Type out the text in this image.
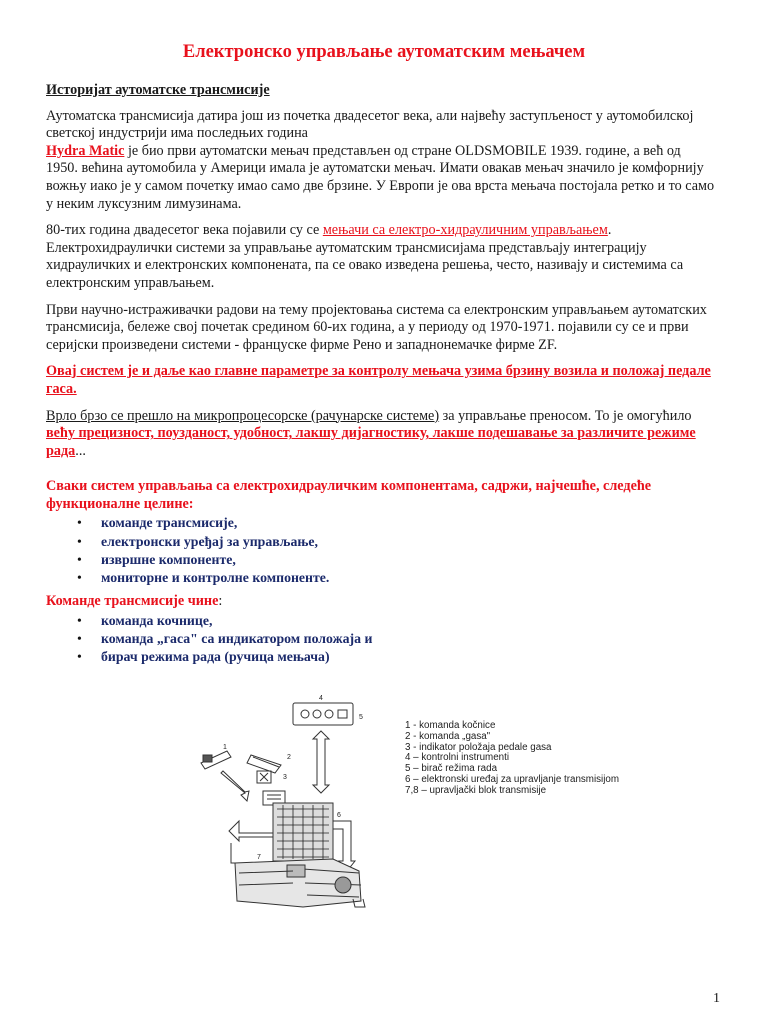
Електронско управљање аутоматским мењачем

Историјат аутоматске трансмисије

Аутоматска трансмисија датира још из почетка двадесетог века, али највећу заступљеност у аутомобилској светској индустрији има последњих година
Hydra Matic је био први аутоматски мењач представљен од стране OLDSMOBILE 1939. године, а већ од 1950. већина аутомобила у Америци имала је аутоматски мењач. Имати овакав мењач значило је комфорнију вожњу иако је у самом почетку имао само две брзине. У Европи је ова врста мењача постојала ретко и то само у неким луксузним лимузинама.

80-тих година двадесетог века појавили су се мењачи са електро-хидрауличним управљањем. Електрохидраулички системи за управљање аутоматским трансмисијама представљају интеграцију хидрауличких и електронских компонената, па се овако изведена решења, често, називају и системима са електронским управљањем.

Први научно-истраживачки радови на тему пројектовања система са електронским управљањем аутоматских трансмисија, бележе свој почетак средином 60-их година, а у периоду од 1970-1971. појавили су се и први серијски произведени системи - француске фирме Рено и западнонемачке фирме ZF.

Овај систем је и даље као главне параметре за контролу мењача узима брзину возила и положај педале гаса.

Врло брзо се прешло на микропроцесорске (рачунарске системе) за управљање преносом. То је омогућило већу прецизност, поузданост, удобност, лакшу дијагностику, лакше подешавање за различите режиме рада...

Сваки систем управљања са електрохидрауличким компонентама, садржи, најчешће, следеће функционалне целине:

• команде трансмисије,
• електронски уређај за управљање,
• извршне компоненте,
• мониторне и контролне компоненте.

Команде трансмисије чине:

• команда кочнице,
• команда „гаса" са индикатором положаја и
• бирач режима рада (ручица мењача)
4
5
1
2
3
6
7
1 - komanda kočnice
2 - komanda „gasa"
3 - indikator položaja pedale gasa
4 – kontrolni instrumenti
5 – birač režima rada
6 – elektronski uređaj za upravljanje transmisijom
7,8 – upravljački blok transmisije
1
